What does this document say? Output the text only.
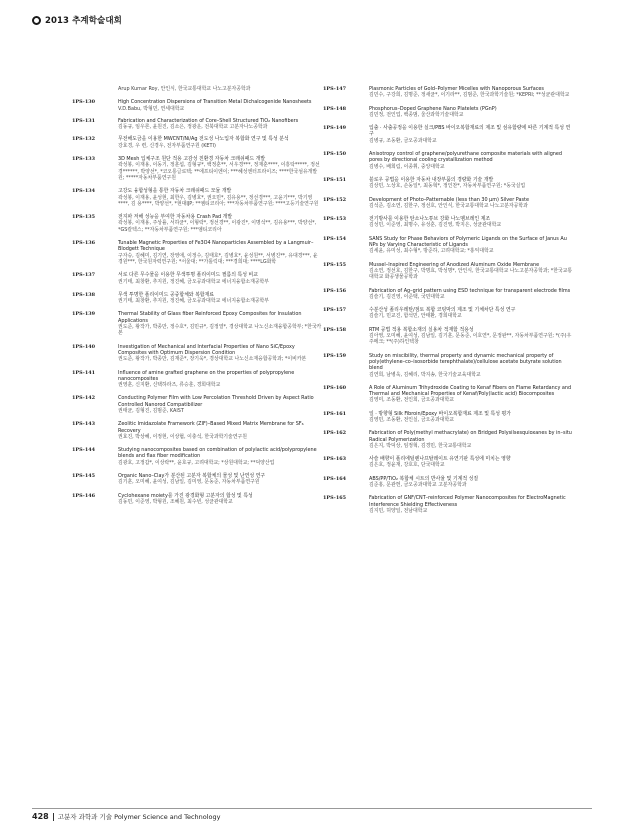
2013 추계학술대회
Arup Kumar Roy, 안인식, 한국교통대학교 나노고분자공학과
1PS-130	High Concentration Dispersions of Transition Metal Dichalcogenide Nanosheets
V.D.Babu, 박형민, 연세대학교
1PS-131	Fabrication and Characterization of Core–Shell Structured TiO₂ Nanofibers
김동규, 임우론, 윤원진, 김소은, 정광운, 전북대학교 고분자나노공학과
1PS-132	무전해도금을 이용한 MWCNT/Ni/Ag 전도성 나노입자 복합화 연구 및 특성 분석
강효경, 우 련, 신경우, 전자부품연구원 (KETI)
1PS-133	3D Mesh 입체구조 원단 적용 고감성 친환경 자동차 크래쉬패드 개발
곽성봉, 이재용, 이동기, 정훈섭, 김형규*, 백정훈**, 서우경***, 정재훈****, 이흥탁*****, 정선경******, 박양선*, *코오롱글로텍; **에프티이엔이; ***혜성엔터프라이즈; ****한국섬유개발원; *****자동차부품연구원
1PS-134	고강도 융합성형을 통한 자동차 크래쉬패드 모듈 개발
곽성봉, 이재용, 윤성현, 최한우, 김병호*, 권오민*, 김유용**, 정선경***, 고윤기***, 박기영****, 김 용****, 박양선*, *현대IJP; **엠티코리아; ***자동차부품연구원; ****고등기술연구원
1PS-135	전지파 저해 성능을 부여한 자동차용 Crash Pad 개발
곽성봉, 이재용, 주상률, 서하균*, 이형락*, 정선경**, 이광진*, 이명석**, 김유용***, 박양선*, *GS칼텍스; **자동차부품연구원; ***엠티코리아
1PS-136	Tunable Magnetic Properties of Fe3O4 Nanoparticles Assembled by a Langmuir–Blodgett Technique
구자승, 김혜미, 김기연, 장영애, 이정수, 김태호*, 김병호*, 윤성원**, 서병진**, 유대경***, 윤경원***, 한국원자력연구원; *서울대; **가톨릭대; ***경희대; ****LG화학
1PS-137	서로 다른 무수물을 이용한 무색투명 폴리이미드 필름의 특성 비교
권기태, 최창환, 추지원, 정진혜, 금오공과대학교 에너지융합소재공학부
1PS-138	무색 투명한 폴리이미드 공중합체와 복합재료
권기태, 최창환, 추지원, 정진혜, 금오공과대학교 에너지융합소재공학부
1PS-139	Thermal Stability of Glass fiber Reinforced Epoxy Composites for Insulation Applications
권도준, 왕작가, 박종만, 정수호*, 김민규*, 김정열*, 경상대학교 나노신소재융합공학부; *한국카본
1PS-140	Investigation of Mechanical and Interfacial Properties of Nano SiC/Epoxy Composites with Optimum Dispersion Condition
권도준, 왕작가, 박종만, 김재준*, 장기욱*, 경상대학교 나노신소재융합공학과; *이비카본
1PS-141	Influence of amine grafted graphene on the properties of polypropylene nanocomposites
권영훈, 신지환, 신택하라즈, 류승훈, 경희대학교
1PS-142	Conducting Polymer Film with Low Percolation Threshold Driven by Aspect Ratio Controlled Nanorod Compatibilizer
권태균, 김형진, 김범준, KAIST
1PS-143	Zeolitic Imidazolate Framework (ZIF)–Based Mixed Matrix Membrane for SF₆ Recovery
권효진, 박상혜, 이정현, 이상협, 이충석, 한국과학기술연구원
1PS-144	Studying nanocomposites based on combination of polylactic acid/polypropylene blends and flax fiber modification
김광호, 고정갑*, 이상락**, 윤호규, 고려대학교; *상원대학교; **덕양산업
1PS-145	Organic Nano–Clay가 분산된 고분자 복합체의 물성 및 난연성 연구
김기훈, 오미혜, 윤여성, 김남일, 김미영, 문동준, 자동차부품연구원
1PS-146	Cyclohexane moiety를 가진 광경화형 고분자의 합성 및 특성
김동민, 이준영, 박형원, 조혜원, 최수빈, 성균관대학교
1PS-147	Plasmonic Particles of Gold–Polymer Micelles with Nanoporous Surfaces
김민수, 구강희, 김명준, 정새균*, 이기라**, 김범준, 한국과학기술원; *KEPRI; **성균관대학교
1PS-148	Phosphorus–Doped Graphene Nano Platelets (PGnP)
김민정, 전인업, 백종범, 울산과학기술대학교
1PS-149	입출 · 사출공정을 이용한 실크/PBS 바이오복합재료의 제조 및 섬유함량에 따른 기계적 특성 연구
김병규, 조동환, 금오공과대학교
1PS-150	Anisotropy control of graphene/polyurethane composite materials with aligned pores by directional cooling crystallization method
김병수, 배희림, 이종휘, 중앙대학교
1PS-151	블로우 공법을 이용한 자동차 내장부품의 경량화 기술 개발
김상민, 노상호, 손동일*, 최동혁*, 정인찬*, 자동차부품연구원; *동국실업
1PS-152	Development of Photo–Patternable (less than 30 μm) Silver Paste
김석준, 김소연, 김한구, 정선호, 안인식, 한국교통대학교 나노고분자공학과
1PS-153	전기방사를 이용한 탄소나노튜브 강화 나노멤브레인 제조
김성민, 이준영, 최명수, 유성훈, 김진영, 박지은, 성균관대학교
1PS-154	SANS Study for Phase Behaviors of Polymeric Ligands on the Surface of Janus Au NPs by Varying Characteristic of Ligands
김세윤, 유미성, 최수형*, 방준하, 고려대학교; *홍익대학교
1PS-155	Mussel–Inspired Engineering of Anodized Aluminum Oxide Membrane
김소연, 정선호, 김한구, 박명효, 박성명*, 안인식, 한국교통대학교 나노고분자공학과; *한국교통대학교 화공생물공학과
1PS-156	Fabrication of Ag–grid pattern using ESD technique for transparent electrode films
김슬기, 김진영, 이준택, 국민대학교
1PS-157	수분산성 폴리우레탄/점토 복합 코팅막의 제조 및 기체차단 특성 연구
김슬기, 민교진, 함석민, 안태환, 경희대학교
1PS-158	RTM 공법 적용 복합소재의 실용차 적재함 적용성
김아영, 오미혜, 윤여성, 김남일, 김기훈, 문동준, 이호연*, 문정완**, 자동차부품연구원; *(주)우주메크; **(주)하인텍창
1PS-159	Study on miscibility, thermal property and dynamic mechanical property of poly(ethylene–co–isosorbide terephthalate)/cellulose acetate butyrate solution blend
김연희, 남병욱, 김혜리, 박지송, 한국기술교육대학교
1PS-160	A Role of Aluminum Trihydroxide Coating to Kenaf Fibers on Flame Retardancy and Thermal and Mechanical Properties of Kenaf/Poly(lactic acid) Biocomposites
김영미, 조동환, 전인희, 금오공과대학교
1PS-161	일 · 방향형 Silk Fibroin/Epoxy 바이오복합재료 제조 및 특성 평가
김영민, 조동환, 전인실, 금오공과대학교
1PS-162	Fabrication of Poly(methyl methacrylate) on Bridged Polysilsesquioxanes by in–situ Radical Polymerization
김은지, 박덕상, 임정혁, 김경민, 한국교통대학교
1PS-163	사슬 배향이 폴리에틸렌나프탈레이트 유연기판 특성에 미치는 영향
김은호, 정윤재, 강호호, 단국대학교
1PS-164	ABS/PP/TiO₂ 복합체 시트의 반사율 및 기계적 성질
김준홍, 문관헌, 금오공과대학교 고분자공학과
1PS-165	Fabrication of GNF/CNT–reinforced Polymer Nanocomposites for ElectroMagnetic Interference Shielding Effectiveness
김지민, 허양일, 전남대학교
428 고분자 과학과 기술 Polymer Science and Technology
